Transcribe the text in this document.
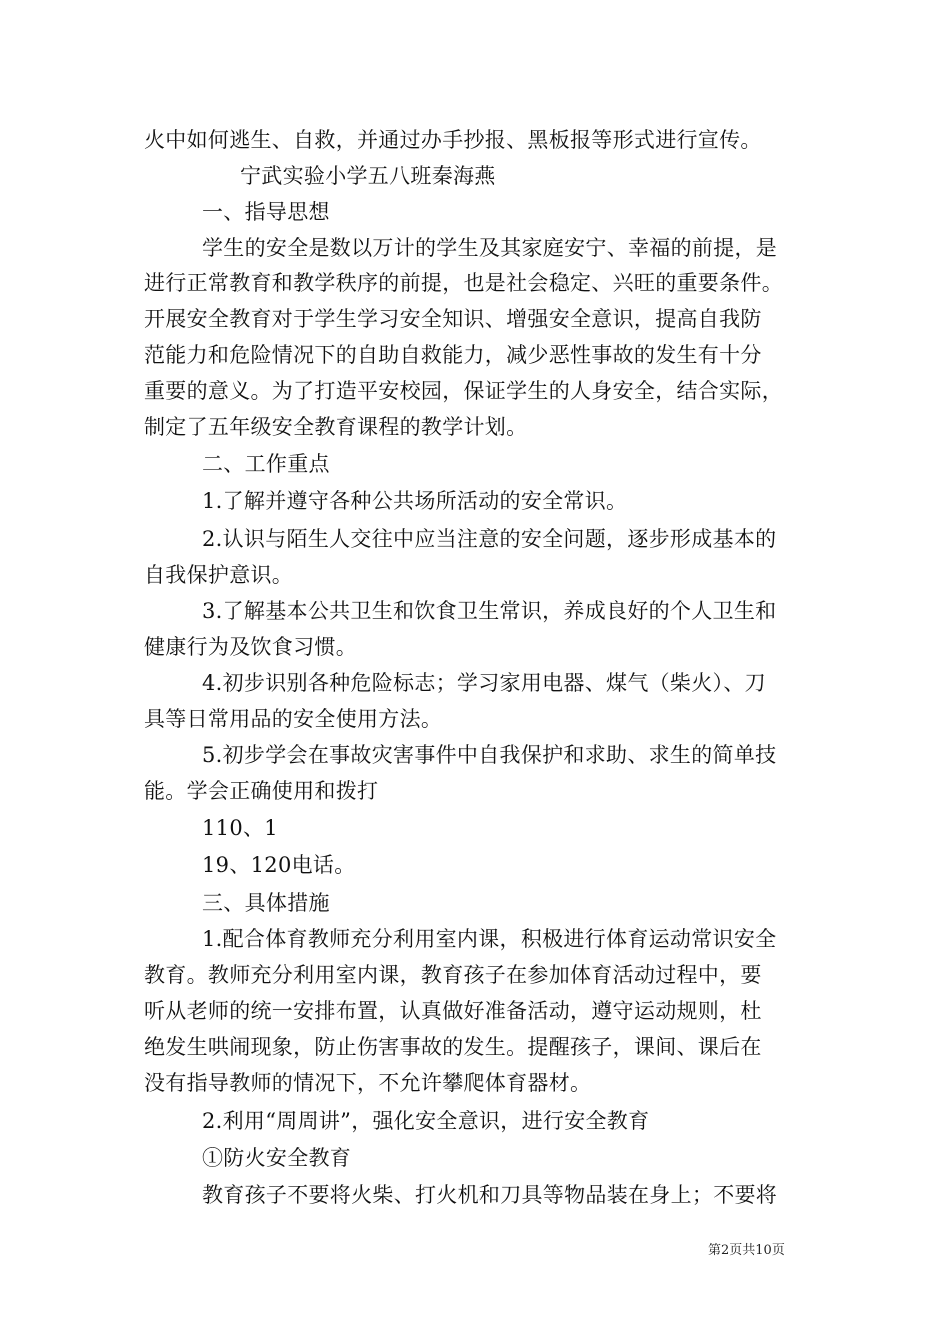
火中如何逃生、自救，并通过办手抄报、黑板报等形式进行宣传。
宁武实验小学五八班秦海燕
一、指导思想
学生的安全是数以万计的学生及其家庭安宁、幸福的前提，是
进行正常教育和教学秩序的前提，也是社会稳定、兴旺的重要条件。
开展安全教育对于学生学习安全知识、增强安全意识，提高自我防
范能力和危险情况下的自助自救能力，减少恶性事故的发生有十分
重要的意义。为了打造平安校园，保证学生的人身安全，结合实际，
制定了五年级安全教育课程的教学计划。
二、工作重点
1.了解并遵守各种公共场所活动的安全常识。
2.认识与陌生人交往中应当注意的安全问题，逐步形成基本的
自我保护意识。
3.了解基本公共卫生和饮食卫生常识，养成良好的个人卫生和
健康行为及饮食习惯。
4.初步识别各种危险标志；学习家用电器、煤气（柴火）、刀
具等日常用品的安全使用方法。
5.初步学会在事故灾害事件中自我保护和求助、求生的简单技
能。学会正确使用和拨打
110、1
19、120电话。
三、具体措施
1.配合体育教师充分利用室内课，积极进行体育运动常识安全
教育。教师充分利用室内课，教育孩子在参加体育活动过程中，要
听从老师的统一安排布置，认真做好准备活动，遵守运动规则，杜
绝发生哄闹现象，防止伤害事故的发生。提醒孩子，课间、课后在
没有指导教师的情况下，不允许攀爬体育器材。
2.利用“周周讲”，强化安全意识，进行安全教育
①防火安全教育
教育孩子不要将火柴、打火机和刀具等物品装在身上；不要将
第2页共10页
